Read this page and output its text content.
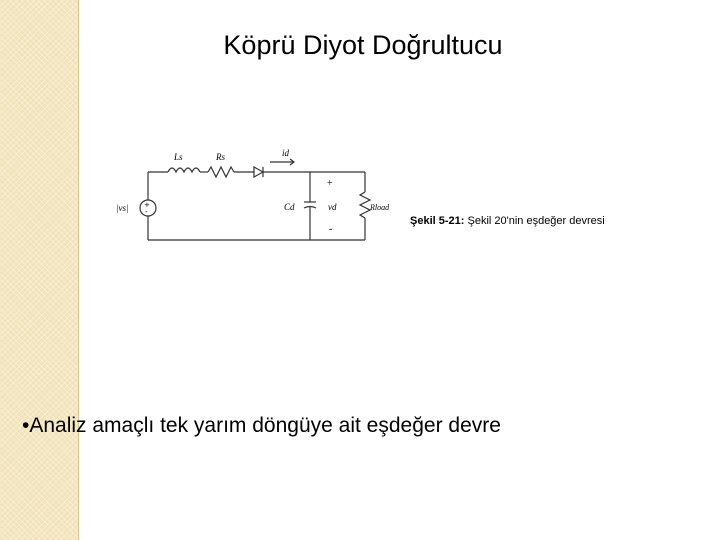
Köprü Diyot Doğrultucu
+
-
|vs|
Ls	Rs	id
+
-
Cd	vd	Rload
Şekil 5-21: Şekil 20'nin eşdeğer devresi
•Analiz amaçlı tek yarım döngüye ait eşdeğer devre
